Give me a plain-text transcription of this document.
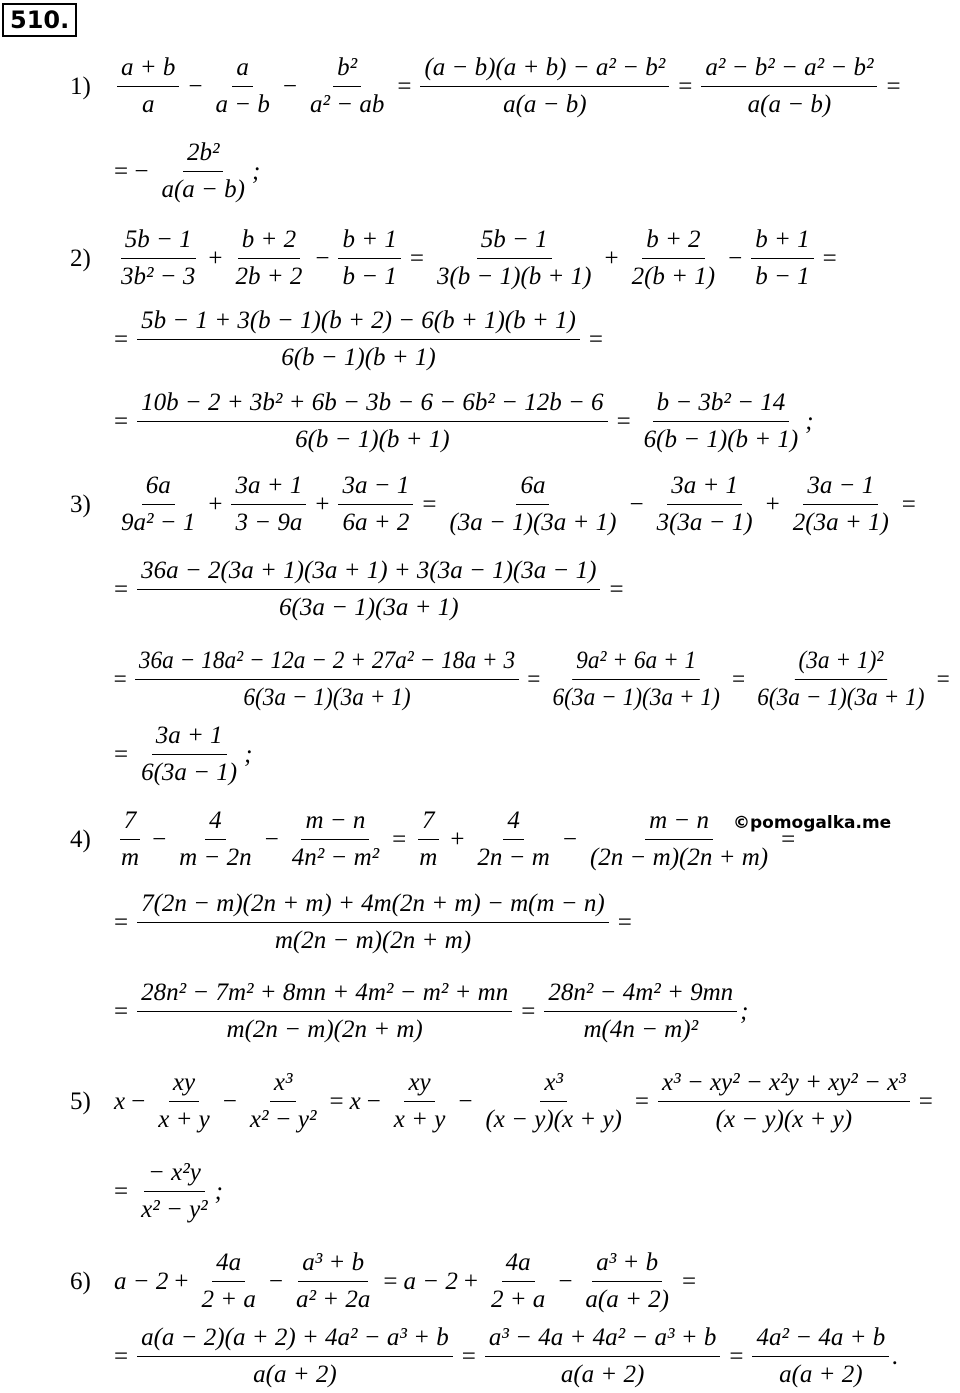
510.
1)	$\frac{a + b}{a} - \frac{a}{a - b} - \frac{\text{b²}}{\text{a² − ab}} = \frac{\text{(a − b)(a + b) − a² − b²}}{a(a - b)} = \frac{\text{a² − b² − a² − b²}}{a(a - b)}$ =
= − $\frac{\text{2b²}}{a(a - b)}$ ;
2)	$\frac{5b - 1}{\text{3b² − 3}} + \frac{b + 2}{2b + 2} - \frac{b + 1}{b - 1} = \frac{5b - 1}{3(b - 1)(b + 1)} + \frac{b + 2}{2(b + 1)} - \frac{b + 1}{b - 1}$ =
= $\frac{5b - 1 + 3(b - 1)(b + 2) - 6(b + 1)(b + 1)}{6(b - 1)(b + 1)}$ =
= $\frac{\text{10b − 2 + 3b² + 6b − 3b − 6 − 6b² − 12b − 6}}{6(b - 1)(b + 1)} = \frac{\text{b − 3b² − 14}}{6(b - 1)(b + 1)}$ ;
3)	$\frac{6a}{\text{9a² − 1}} + \frac{3a + 1}{3 - 9a} + \frac{3a - 1}{6a + 2} = \frac{6a}{(3a - 1)(3a + 1)} - \frac{3a + 1}{3(3a - 1)} + \frac{3a - 1}{2(3a + 1)}$ =
= $\frac{36a - 2(3a + 1)(3a + 1) + 3(3a - 1)(3a - 1)}{6(3a - 1)(3a + 1)}$ =
= $\frac{\text{36a − 18a² − 12a − 2 + 27a² − 18a + 3}}{6(3a - 1)(3a + 1)} = \frac{\text{9a² + 6a + 1}}{6(3a - 1)(3a + 1)} = \frac{\text{(3a + 1)²}}{6(3a - 1)(3a + 1)}$ =
= $\frac{3a + 1}{6(3a - 1)}$ ;
4)	$\frac{7}{m} - \frac{4}{m - 2n} - \frac{m - n}{\text{4n² − m²}} = \frac{7}{m} + \frac{4}{2n - m} - \frac{m - n}{(2n - m)(2n + m)}$ =
= $\frac{7(2n - m)(2n + m) + 4m(2n + m) - m(m - n)}{m(2n - m)(2n + m)}$ =
= $\frac{\text{28n² − 7m² + 8mn + 4m² − m² + mn}}{m(2n - m)(2n + m)} = \frac{\text{28n² − 4m² + 9mn}}{\text{m(4n − m)²}}$ ;
5) $x - \frac{xy}{x + y} - \frac{\text{x³}}{\text{x² − y²}} = x - \frac{xy}{x + y} - \frac{\text{x³}}{(x - y)(x + y)} = \frac{\text{x³ − xy² − x²y + xy² − x³}}{(x - y)(x + y)}$ =
= $\frac{\text{− x²y}}{\text{x² − y²}}$ ;
6) $a - 2 + \frac{4a}{2 + a} - \frac{\text{a³ + b}}{\text{a² + 2a}} = a - 2 + \frac{4a}{2 + a} - \frac{\text{a³ + b}}{a(a + 2)}$ =
= $\frac{\text{a(a − 2)(a + 2) + 4a² − a³ + b}}{a(a + 2)} = \frac{\text{a³ − 4a + 4a² − a³ + b}}{a(a + 2)} = \frac{\text{4a² − 4a + b}}{a(a + 2)}$ .
©pomogalka.me
